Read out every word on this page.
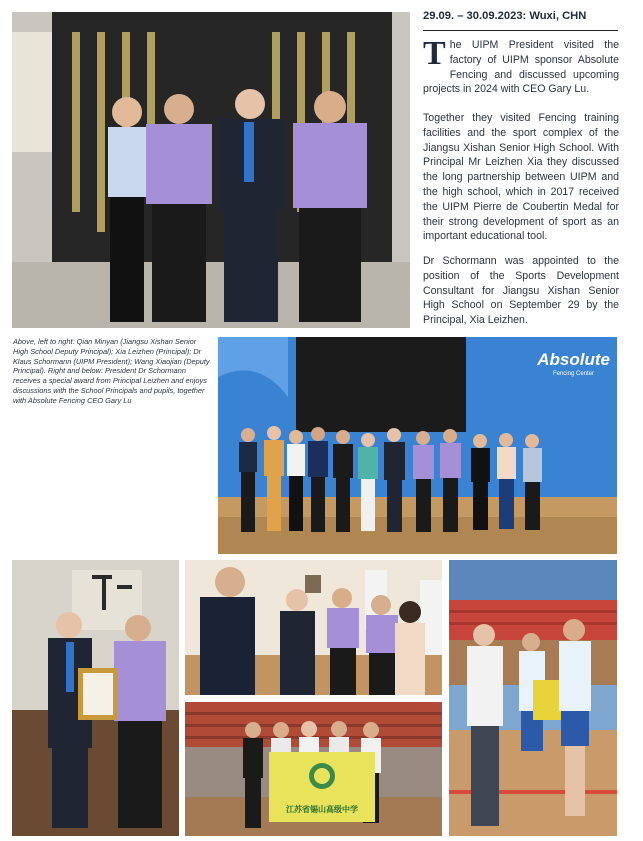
29.09. – 30.09.2023: Wuxi, CHN
The UIPM President visited the factory of UIPM sponsor Absolute Fencing and discussed upcoming projects in 2024 with CEO Gary Lu.
Together they visited Fencing training facilities and the sport complex of the Jiangsu Xishan Senior High School. With Principal Mr Leizhen Xia they discussed the long partnership between UIPM and the high school, which in 2017 received the UIPM Pierre de Coubertin Medal for their strong development of sport as an important educational tool.
Dr Schormann was appointed to the position of the Sports Development Consultant for Jiangsu Xishan Senior High School on September 29 by the Principal, Xia Leizhen.
Above, left to right: Qian Minyan (Jiangsu Xishan Senior High School Deputy Principal); Xia Leizhen (Principal); Dr Klaus Schormann (UIPM President); Wang Xiaojian (Deputy Principal). Right and below: President Dr Schormann receives a special award from Principal Leizhen and enjoys discussions with the School Principals and pupils, together with Absolute Fencing CEO Gary Lu
Absolute
Fencing Center
江苏省锡山高级中学
